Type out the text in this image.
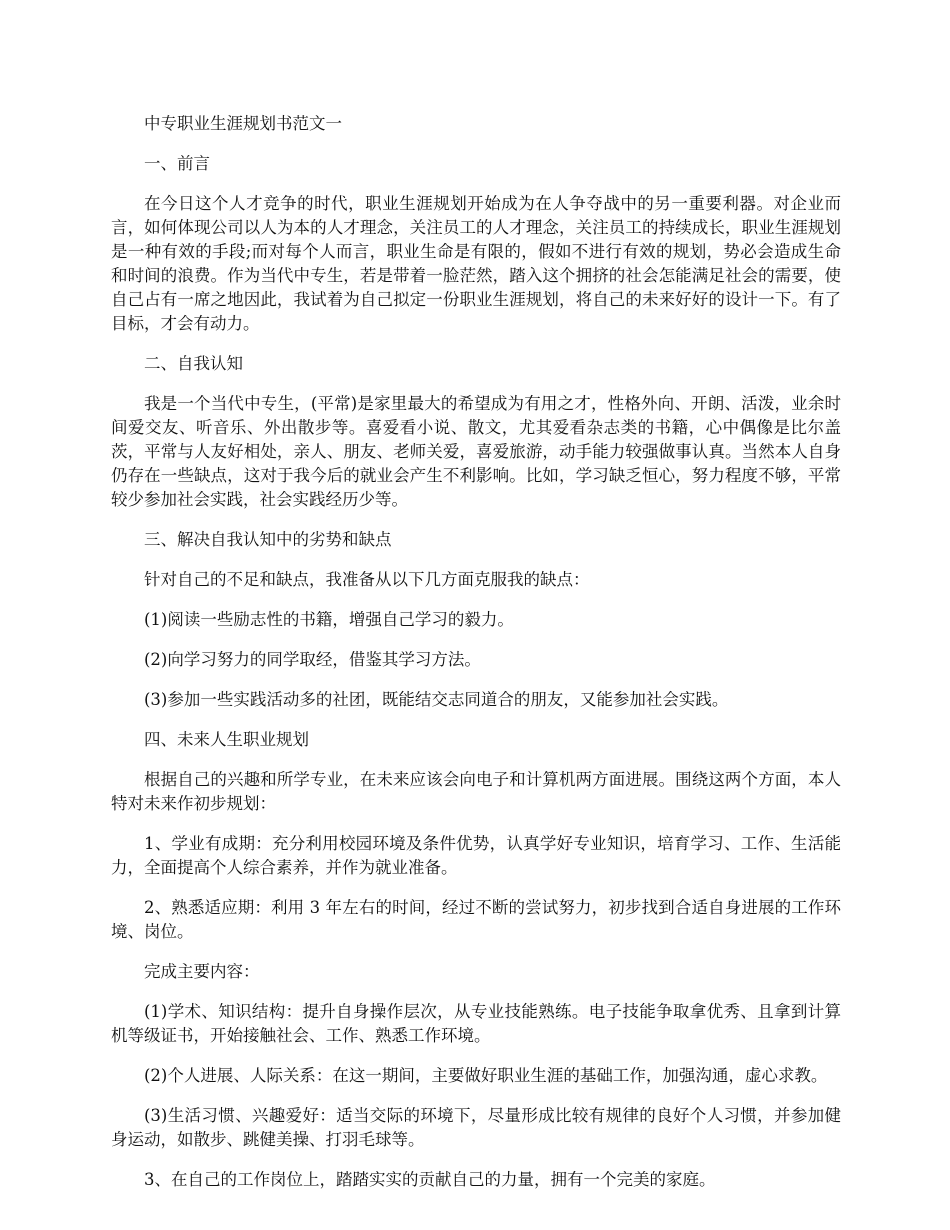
中专职业生涯规划书范文一

一、前言

在今日这个人才竞争的时代，职业生涯规划开始成为在人争夺战中的另一重要利器。对企业而言，如何体现公司以人为本的人才理念，关注员工的人才理念，关注员工的持续成长，职业生涯规划是一种有效的手段;而对每个人而言，职业生命是有限的，假如不进行有效的规划，势必会造成生命和时间的浪费。作为当代中专生，若是带着一脸茫然，踏入这个拥挤的社会怎能满足社会的需要，使自己占有一席之地因此，我试着为自己拟定一份职业生涯规划，将自己的未来好好的设计一下。有了目标，才会有动力。

二、自我认知

我是一个当代中专生，(平常)是家里最大的希望成为有用之才，性格外向、开朗、活泼，业余时间爱交友、听音乐、外出散步等。喜爱看小说、散文，尤其爱看杂志类的书籍，心中偶像是比尔盖茨，平常与人友好相处，亲人、朋友、老师关爱，喜爱旅游，动手能力较强做事认真。当然本人自身仍存在一些缺点，这对于我今后的就业会产生不利影响。比如，学习缺乏恒心，努力程度不够，平常较少参加社会实践，社会实践经历少等。

三、解决自我认知中的劣势和缺点

针对自己的不足和缺点，我准备从以下几方面克服我的缺点：

(1)阅读一些励志性的书籍，增强自己学习的毅力。

(2)向学习努力的同学取经，借鉴其学习方法。

(3)参加一些实践活动多的社团，既能结交志同道合的朋友，又能参加社会实践。

四、未来人生职业规划

根据自己的兴趣和所学专业，在未来应该会向电子和计算机两方面进展。围绕这两个方面，本人特对未来作初步规划：

1、学业有成期：充分利用校园环境及条件优势，认真学好专业知识，培育学习、工作、生活能力，全面提高个人综合素养，并作为就业准备。

2、熟悉适应期：利用 3 年左右的时间，经过不断的尝试努力，初步找到合适自身进展的工作环境、岗位。

完成主要内容：

(1)学术、知识结构：提升自身操作层次，从专业技能熟练。电子技能争取拿优秀、且拿到计算机等级证书，开始接触社会、工作、熟悉工作环境。

(2)个人进展、人际关系：在这一期间，主要做好职业生涯的基础工作，加强沟通，虚心求教。

(3)生活习惯、兴趣爱好：适当交际的环境下，尽量形成比较有规律的良好个人习惯，并参加健身运动，如散步、跳健美操、打羽毛球等。

3、在自己的工作岗位上，踏踏实实的贡献自己的力量，拥有一个完美的家庭。
